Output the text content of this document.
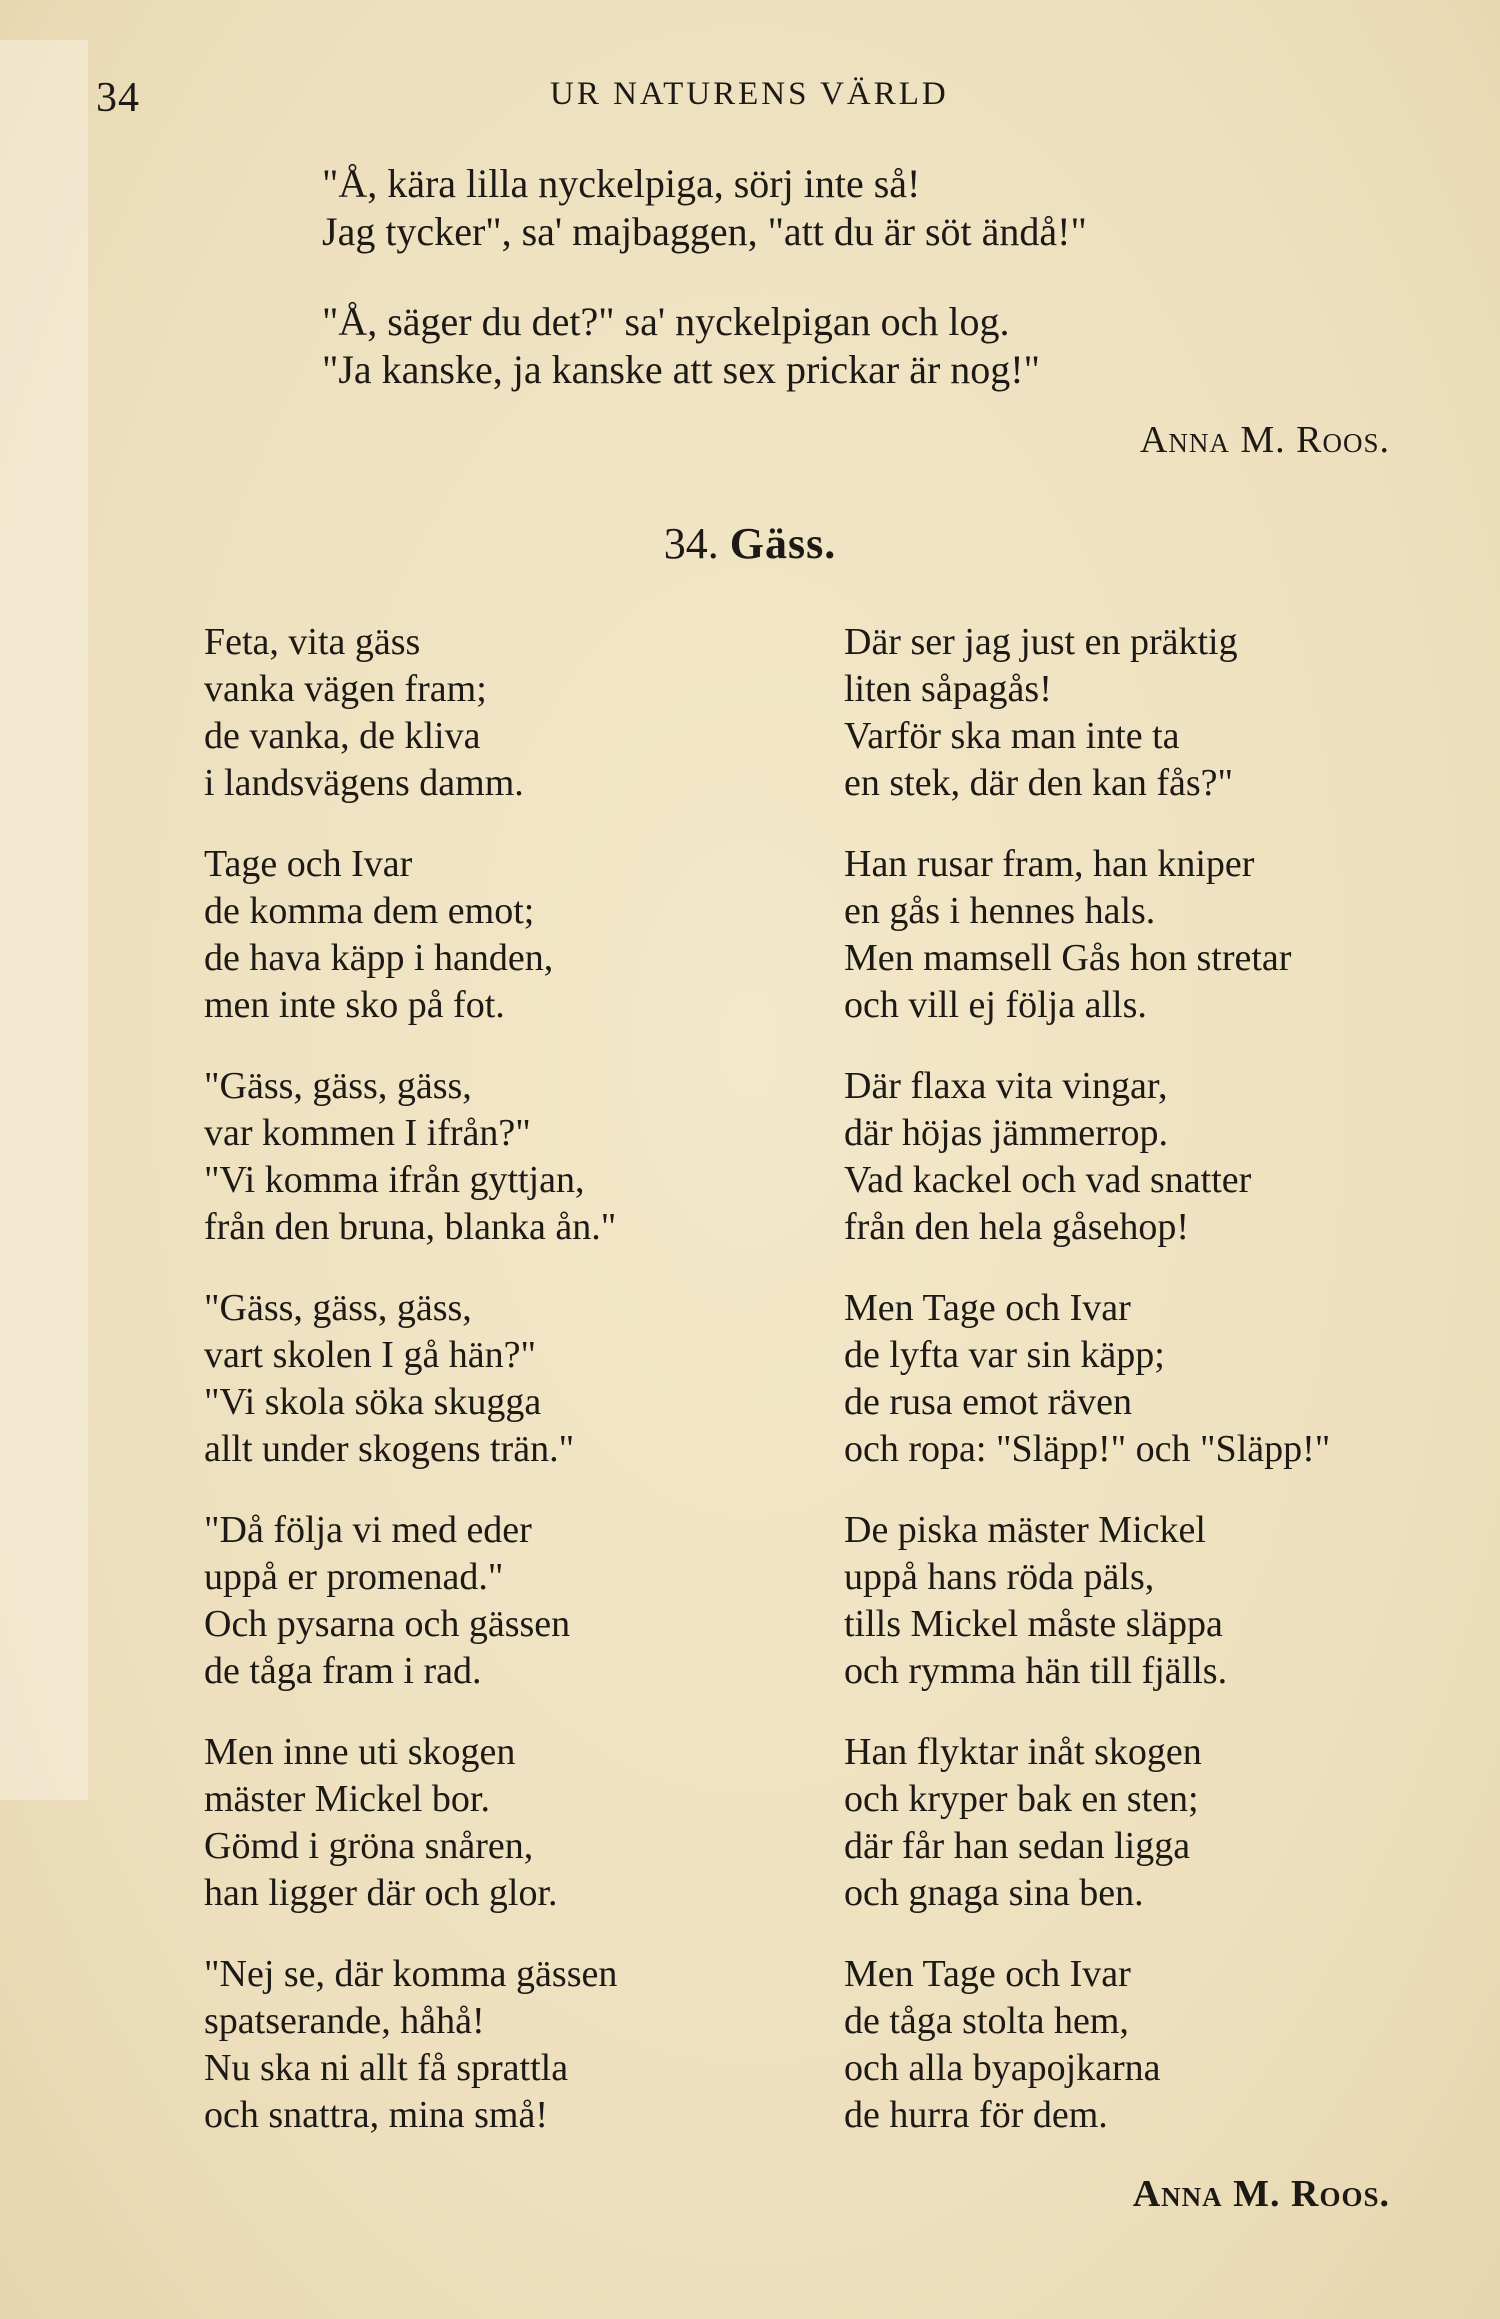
34	UR NATURENS VÄRLD
"Å, kära lilla nyckelpiga, sörj inte så!
Jag tycker", sa' majbaggen, "att du är söt ändå!"
"Å, säger du det?" sa' nyckelpigan och log.
"Ja kanske, ja kanske att sex prickar är nog!"
Anna M. Roos.
34. Gäss.
Feta, vita gäss
vanka vägen fram;
de vanka, de kliva
i landsvägens damm.
Tage och Ivar
de komma dem emot;
de hava käpp i handen,
men inte sko på fot.
"Gäss, gäss, gäss,
var kommen I ifrån?"
"Vi komma ifrån gyttjan,
från den bruna, blanka ån."
"Gäss, gäss, gäss,
vart skolen I gå hän?"
"Vi skola söka skugga
allt under skogens trän."
"Då följa vi med eder
uppå er promenad."
Och pysarna och gässen
de tåga fram i rad.
Men inne uti skogen
mäster Mickel bor.
Gömd i gröna snåren,
han ligger där och glor.
"Nej se, där komma gässen
spatserande, håhå!
Nu ska ni allt få sprattla
och snattra, mina små!
Där ser jag just en präktig
liten såpagås!
Varför ska man inte ta
en stek, där den kan fås?"
Han rusar fram, han kniper
en gås i hennes hals.
Men mamsell Gås hon stretar
och vill ej följa alls.
Där flaxa vita vingar,
där höjas jämmerrop.
Vad kackel och vad snatter
från den hela gåsehop!
Men Tage och Ivar
de lyfta var sin käpp;
de rusa emot räven
och ropa: "Släpp!" och "Släpp!"
De piska mäster Mickel
uppå hans röda päls,
tills Mickel måste släppa
och rymma hän till fjälls.
Han flyktar inåt skogen
och kryper bak en sten;
där får han sedan ligga
och gnaga sina ben.
Men Tage och Ivar
de tåga stolta hem,
och alla byapojkarna
de hurra för dem.
Anna M. Roos.
